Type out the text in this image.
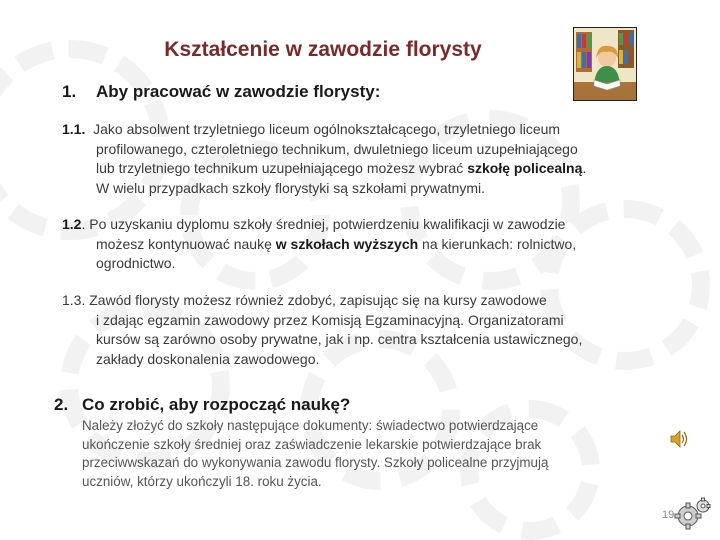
Kształcenie w zawodzie florysty
1. Aby pracować w zawodzie florysty:
1.1. Jako absolwent trzyletniego liceum ogólnokształcącego, trzyletniego liceum
profilowanego, czteroletniego technikum, dwuletniego liceum uzupełniającego
lub trzyletniego technikum uzupełniającego możesz wybrać szkołę policealną.
W wielu przypadkach szkoły florystyki są szkołami prywatnymi.
1.2. Po uzyskaniu dyplomu szkoły średniej, potwierdzeniu kwalifikacji w zawodzie
możesz kontynuować naukę w szkołach wyższych na kierunkach: rolnictwo,
ogrodnictwo.
1.3. Zawód florysty możesz również zdobyć, zapisując się na kursy zawodowe
i zdając egzamin zawodowy przez Komisją Egzaminacyjną. Organizatorami
kursów są zarówno osoby prywatne, jak i np. centra kształcenia ustawicznego,
zakłady doskonalenia zawodowego.
2. Co zrobić, aby rozpocząć naukę?
Należy złożyć do szkoły następujące dokumenty: świadectwo potwierdzające
ukończenie szkoły średniej oraz zaświadczenie lekarskie potwierdzające brak
przeciwwskazań do wykonywania zawodu florysty. Szkoły policealne przyjmują
uczniów, którzy ukończyli 18. roku życia.
19
